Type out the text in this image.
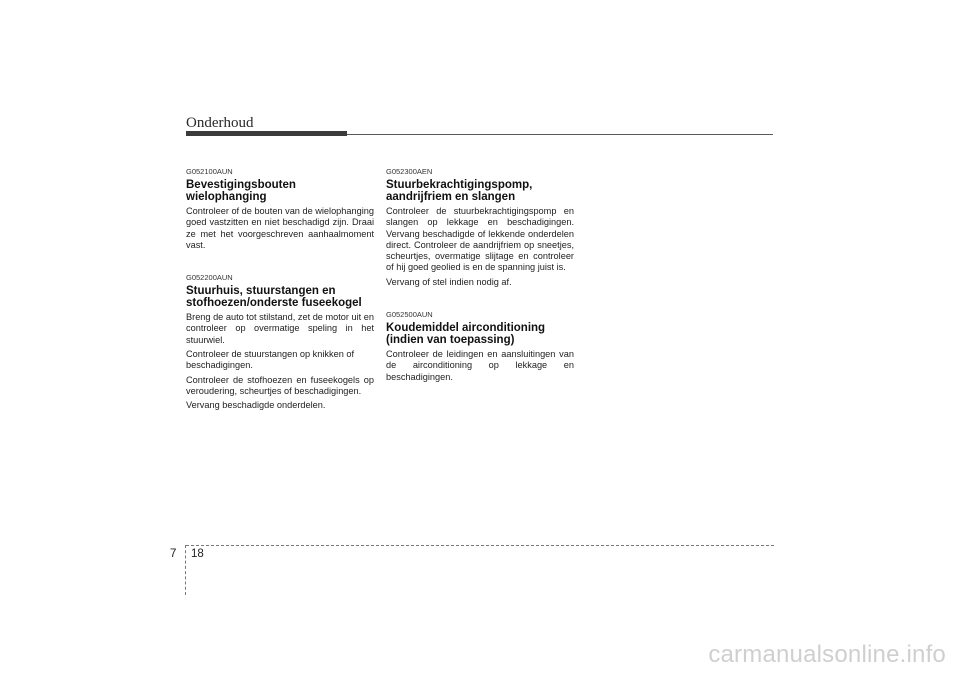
Onderhoud
G052100AUN
Bevestigingsbouten wielophanging
Controleer of de bouten van de wielophanging goed vastzitten en niet beschadigd zijn. Draai ze met het voorgeschreven aanhaalmoment vast.
G052200AUN
Stuurhuis, stuurstangen en stofhoezen/onderste fuseekogel
Breng de auto tot stilstand, zet de motor uit en controleer op overmatige speling in het stuurwiel.
Controleer de stuurstangen op knikken of beschadigingen.
Controleer de stofhoezen en fuseekogels op veroudering, scheurtjes of beschadigingen.
Vervang beschadigde onderdelen.
G052300AEN
Stuurbekrachtigingspomp, aandrijfriem en slangen
Controleer de stuurbekrachtigingspomp en slangen op lekkage en beschadigingen. Vervang beschadigde of lekkende onderdelen direct. Controleer de aandrijfriem op sneetjes, scheurtjes, overmatige slijtage en controleer of hij goed geolied is en de spanning juist is.
Vervang of stel indien nodig af.
G052500AUN
Koudemiddel airconditioning (indien van toepassing)
Controleer de leidingen en aansluitingen van de airconditioning op lekkage en beschadigingen.
7 18
carmanualsonline.info
